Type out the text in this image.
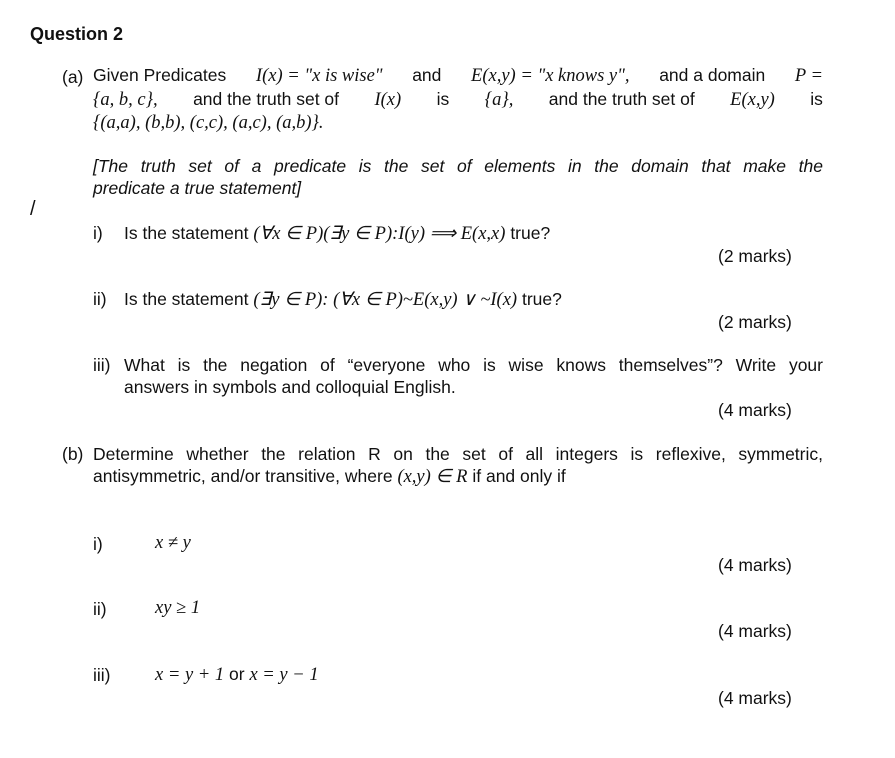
Question 2
/
(a) Given Predicates I(x) = "x is wise" and E(x,y) = "x knows y", and a domain P =
{a, b, c}, and the truth set of I(x) is {a}, and the truth set of E(x,y) is
{(a,a), (b,b), (c,c), (a,c), (a,b)}.
[The truth set of a predicate is the set of elements in the domain that make the
predicate a true statement]
i) Is the statement (∀x ∈ P)(∃y ∈ P):I(y) ⟹ E(x,x) true?
(2 marks)
ii) Is the statement (∃y ∈ P): (∀x ∈ P)~E(x,y) ∨ ~I(x) true?
(2 marks)
iii) What is the negation of “everyone who is wise knows themselves”? Write your
answers in symbols and colloquial English.
(4 marks)
(b) Determine whether the relation R on the set of all integers is reflexive, symmetric,
antisymmetric, and/or transitive, where (x,y) ∈ R if and only if
i)	x ≠ y
(4 marks)
ii)	xy ≥ 1
(4 marks)
iii) x = y + 1 or x = y − 1
(4 marks)
